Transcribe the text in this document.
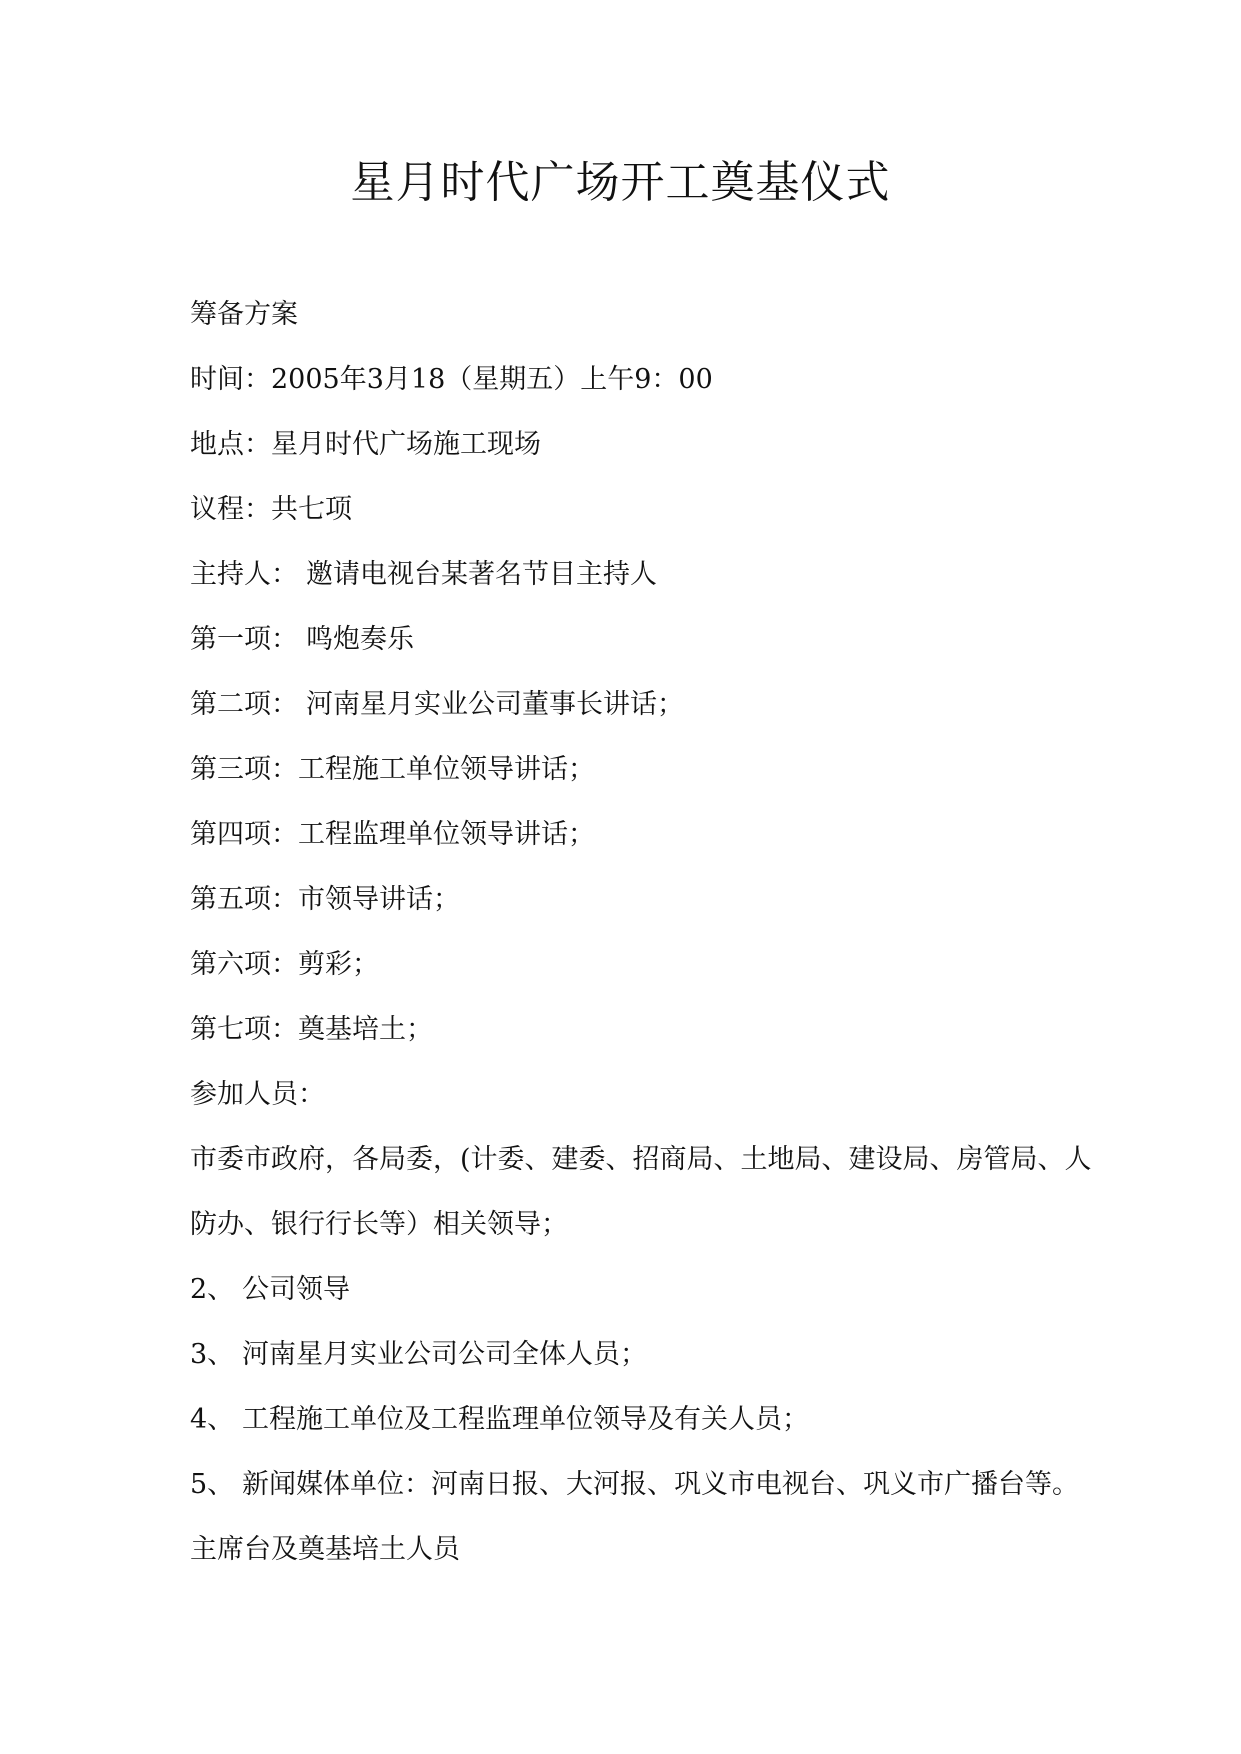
星月时代广场开工奠基仪式
筹备方案
时间：2005年3月18（星期五）上午9：00
地点：星月时代广场施工现场
议程：共七项
主持人： 邀请电视台某著名节目主持人
第一项： 鸣炮奏乐
第二项： 河南星月实业公司董事长讲话；
第三项：工程施工单位领导讲话；
第四项：工程监理单位领导讲话；
第五项：市领导讲话；
第六项：剪彩；
第七项：奠基培土；
参加人员：
市委市政府，各局委，(计委、建委、招商局、土地局、建设局、房管局、人
防办、银行行长等）相关领导；
2、 公司领导
3、 河南星月实业公司公司全体人员；
4、 工程施工单位及工程监理单位领导及有关人员；
5、 新闻媒体单位：河南日报、大河报、巩义市电视台、巩义市广播台等。
主席台及奠基培土人员
